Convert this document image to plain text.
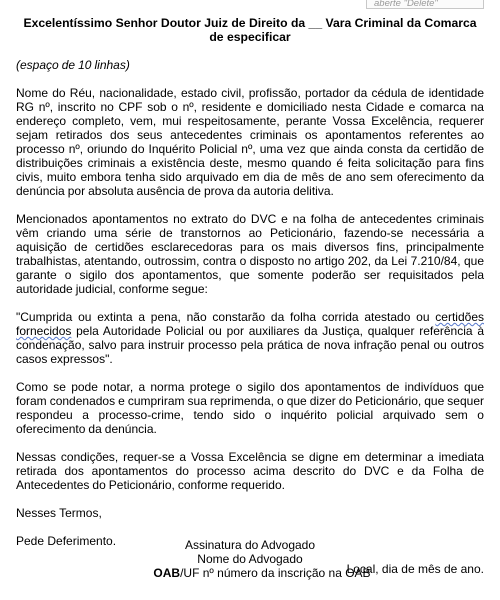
aberte "Delete"
Excelentíssimo Senhor Doutor Juiz de Direito da __ Vara Criminal da Comarca
de especificar

(espaço de 10 linhas)

Nome do Réu, nacionalidade, estado civil, profissão, portador da cédula de identidade RG nº, inscrito no CPF sob o nº, residente e domiciliado nesta Cidade e comarca na endereço completo, vem, mui respeitosamente, perante Vossa Excelência, requerer sejam retirados dos seus antecedentes criminais os apontamentos referentes ao processo nº, oriundo do Inquérito Policial nº, uma vez que ainda consta da certidão de distribuições criminais a existência deste, mesmo quando é feita solicitação para fins civis, muito embora tenha sido arquivado em dia de mês de ano sem oferecimento da denúncia por absoluta ausência de prova da autoria delitiva.

Mencionados apontamentos no extrato do DVC e na folha de antecedentes criminais vêm criando uma série de transtornos ao Peticionário, fazendo-se necessária a aquisição de certidões esclarecedoras para os mais diversos fins, principalmente trabalhistas, atentando, outrossim, contra o disposto no artigo 202, da Lei 7.210/84, que garante o sigilo dos apontamentos, que somente poderão ser requisitados pela autoridade judicial, conforme segue:

"Cumprida ou extinta a pena, não constarão da folha corrida atestado ou certidões fornecidos pela Autoridade Policial ou por auxiliares da Justiça, qualquer referência à condenação, salvo para instruir processo pela prática de nova infração penal ou outros casos expressos".

Como se pode notar, a norma protege o sigilo dos apontamentos de indivíduos que foram condenados e cumpriram sua reprimenda, o que dizer do Peticionário, que sequer respondeu a processo-crime, tendo sido o inquérito policial arquivado sem o oferecimento da denúncia.

Nessas condições, requer-se a Vossa Excelência se digne em determinar a imediata retirada dos apontamentos do processo acima descrito do DVC e da Folha de Antecedentes do Peticionário, conforme requerido.

Nesses Termos,

Pede Deferimento.

Local, dia de mês de ano.

Assinatura do Advogado
Nome do Advogado
OAB/UF nº número da inscrição na OAB
